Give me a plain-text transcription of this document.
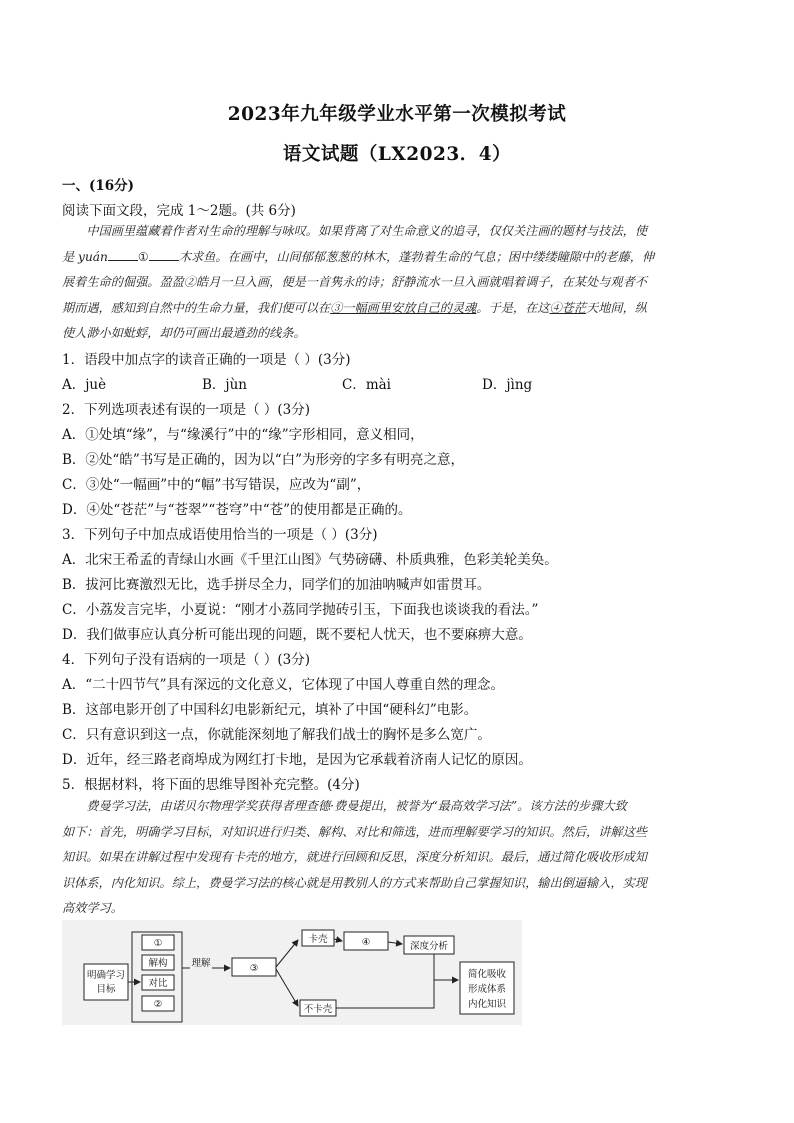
2023年九年级学业水平第一次模拟考试
语文试题（LX2023．4）
一、(16分)
阅读下面文段，完成 1～2题。(共 6分)

中国画里蕴藏着作者对生命的理解与咏叹。如果背离了对生命意义的追寻，仅仅关注画的题材与技法，使

是 yuán ① 木求鱼。在画中，山间郁郁葱葱的林木，蓬勃着生命的气息；困中缕缕瞳隙中的老藤，伸
展着生命的倔强。盈盈②皓月一旦入画，便是一首隽永的诗；舒静流水一旦入画就唱着调子，在某处与观者不
期而遇，感知到自然中的生命力量，我们便可以在③一幅画里安放自己的灵魂。于是，在这④苍茫天地间，纵
使人渺小如蚍蜉，却仍可画出最遒劲的线条。
1．语段中加点字的读音正确的一项是（ ）(3分)
A．juè	B．jùn	C．mài	D．jìng
2．下列选项表述有误的一项是（ ）(3分)
A．①处填“缘”，与“缘溪行”中的“缘”字形相同，意义相同，
B．②处“皓”书写是正确的，因为以“白”为形旁的字多有明亮之意，
C．③处“一幅画”中的“幅”书写错误，应改为“副”，
D．④处“苍茫”与“苍翠”“苍穹”中“苍”的使用都是正确的。
3．下列句子中加点成语使用恰当的一项是（ ）(3分)
A．北宋王希孟的青绿山水画《千里江山图》气势磅礴、朴质典雅，色彩美轮美奂。
B．拔河比赛激烈无比，选手拼尽全力，同学们的加油呐喊声如雷贯耳。
C．小荔发言完毕，小夏说：“刚才小荔同学抛砖引玉，下面我也谈谈我的看法。”
D．我们做事应认真分析可能出现的问题，既不要杞人忧天，也不要麻痹大意。
4．下列句子没有语病的一项是（ ）(3分)
A．“二十四节气”具有深远的文化意义，它体现了中国人尊重自然的理念。
B．这部电影开创了中国科幻电影新纪元，填补了中国“硬科幻”电影。
C．只有意识到这一点，你就能深刻地了解我们战士的胸怀是多么宽广。
D．近年，经三路老商埠成为网红打卡地，是因为它承载着济南人记忆的原因。
5．根据材料，将下面的思维导图补充完整。(4分)

费曼学习法，由诺贝尔物理学奖获得者理查德·费曼提出，被誉为“最高效学习法”。该方法的步骤大致

如下：首先，明确学习目标，对知识进行归类、解构、对比和筛选，进而理解要学习的知识。然后，讲解这些
知识。如果在讲解过程中发现有卡壳的地方，就进行回顾和反思，深度分析知识。最后，通过简化吸收形成知
识体系，内化知识。综上，费曼学习法的核心就是用教别人的方式来帮助自己掌握知识，输出倒逼输入，实现
高效学习。
明确学习
目标
①
解构
对比
②
理解	③
卡壳	④	深度分析
不卡壳
简化吸收
形成体系
内化知识
